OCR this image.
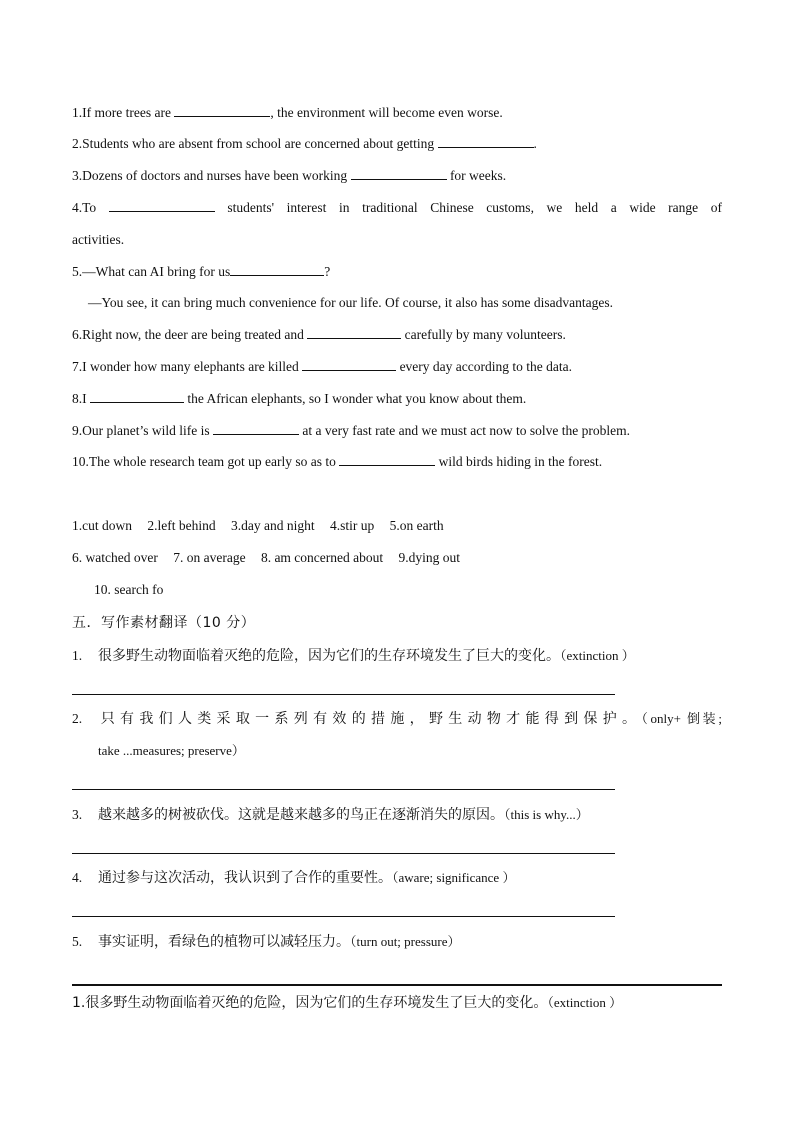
1.If more trees are	, the environment will become even worse.
2.Students who are absent from school are concerned about getting	.
3.Dozens of doctors and nurses have been working	for weeks.
4.To	students' interest in traditional Chinese customs, we held a wide range of
activities.
5.—What can AI bring for us	?
—You see, it can bring much convenience for our life. Of course, it also has some disadvantages.
6.Right now, the deer are being treated and	carefully by many volunteers.
7.I wonder how many elephants are killed	every day according to the data.
8.I	the African elephants, so I wonder what you know about them.
9.Our planet’s wild life is	at a very fast rate and we must act now to solve the problem.
10.The whole research team got up early so as to	wild birds hiding in the forest.
1.cut down 2.left behind 3.day and night 4.stir up 5.on earth
6. watched over 7. on average 8. am concerned about 9.dying out
10. search fo
五．写作素材翻译（10 分）
1. 很多野生动物面临着灭绝的危险，因为它们的生存环境发生了巨大的变化。（extinction ）
2. 只有我们人类采取一系列有效的措施，野生动物才能得到保护。（only+ 倒装;
take ...measures; preserve）
3. 越来越多的树被砍伐。这就是越来越多的鸟正在逐渐消失的原因。（this is why...）
4. 通过参与这次活动，我认识到了合作的重要性。（aware; significance ）
5. 事实证明，看绿色的植物可以减轻压力。（turn out; pressure）
1.很多野生动物面临着灭绝的危险，因为它们的生存环境发生了巨大的变化。（extinction ）
